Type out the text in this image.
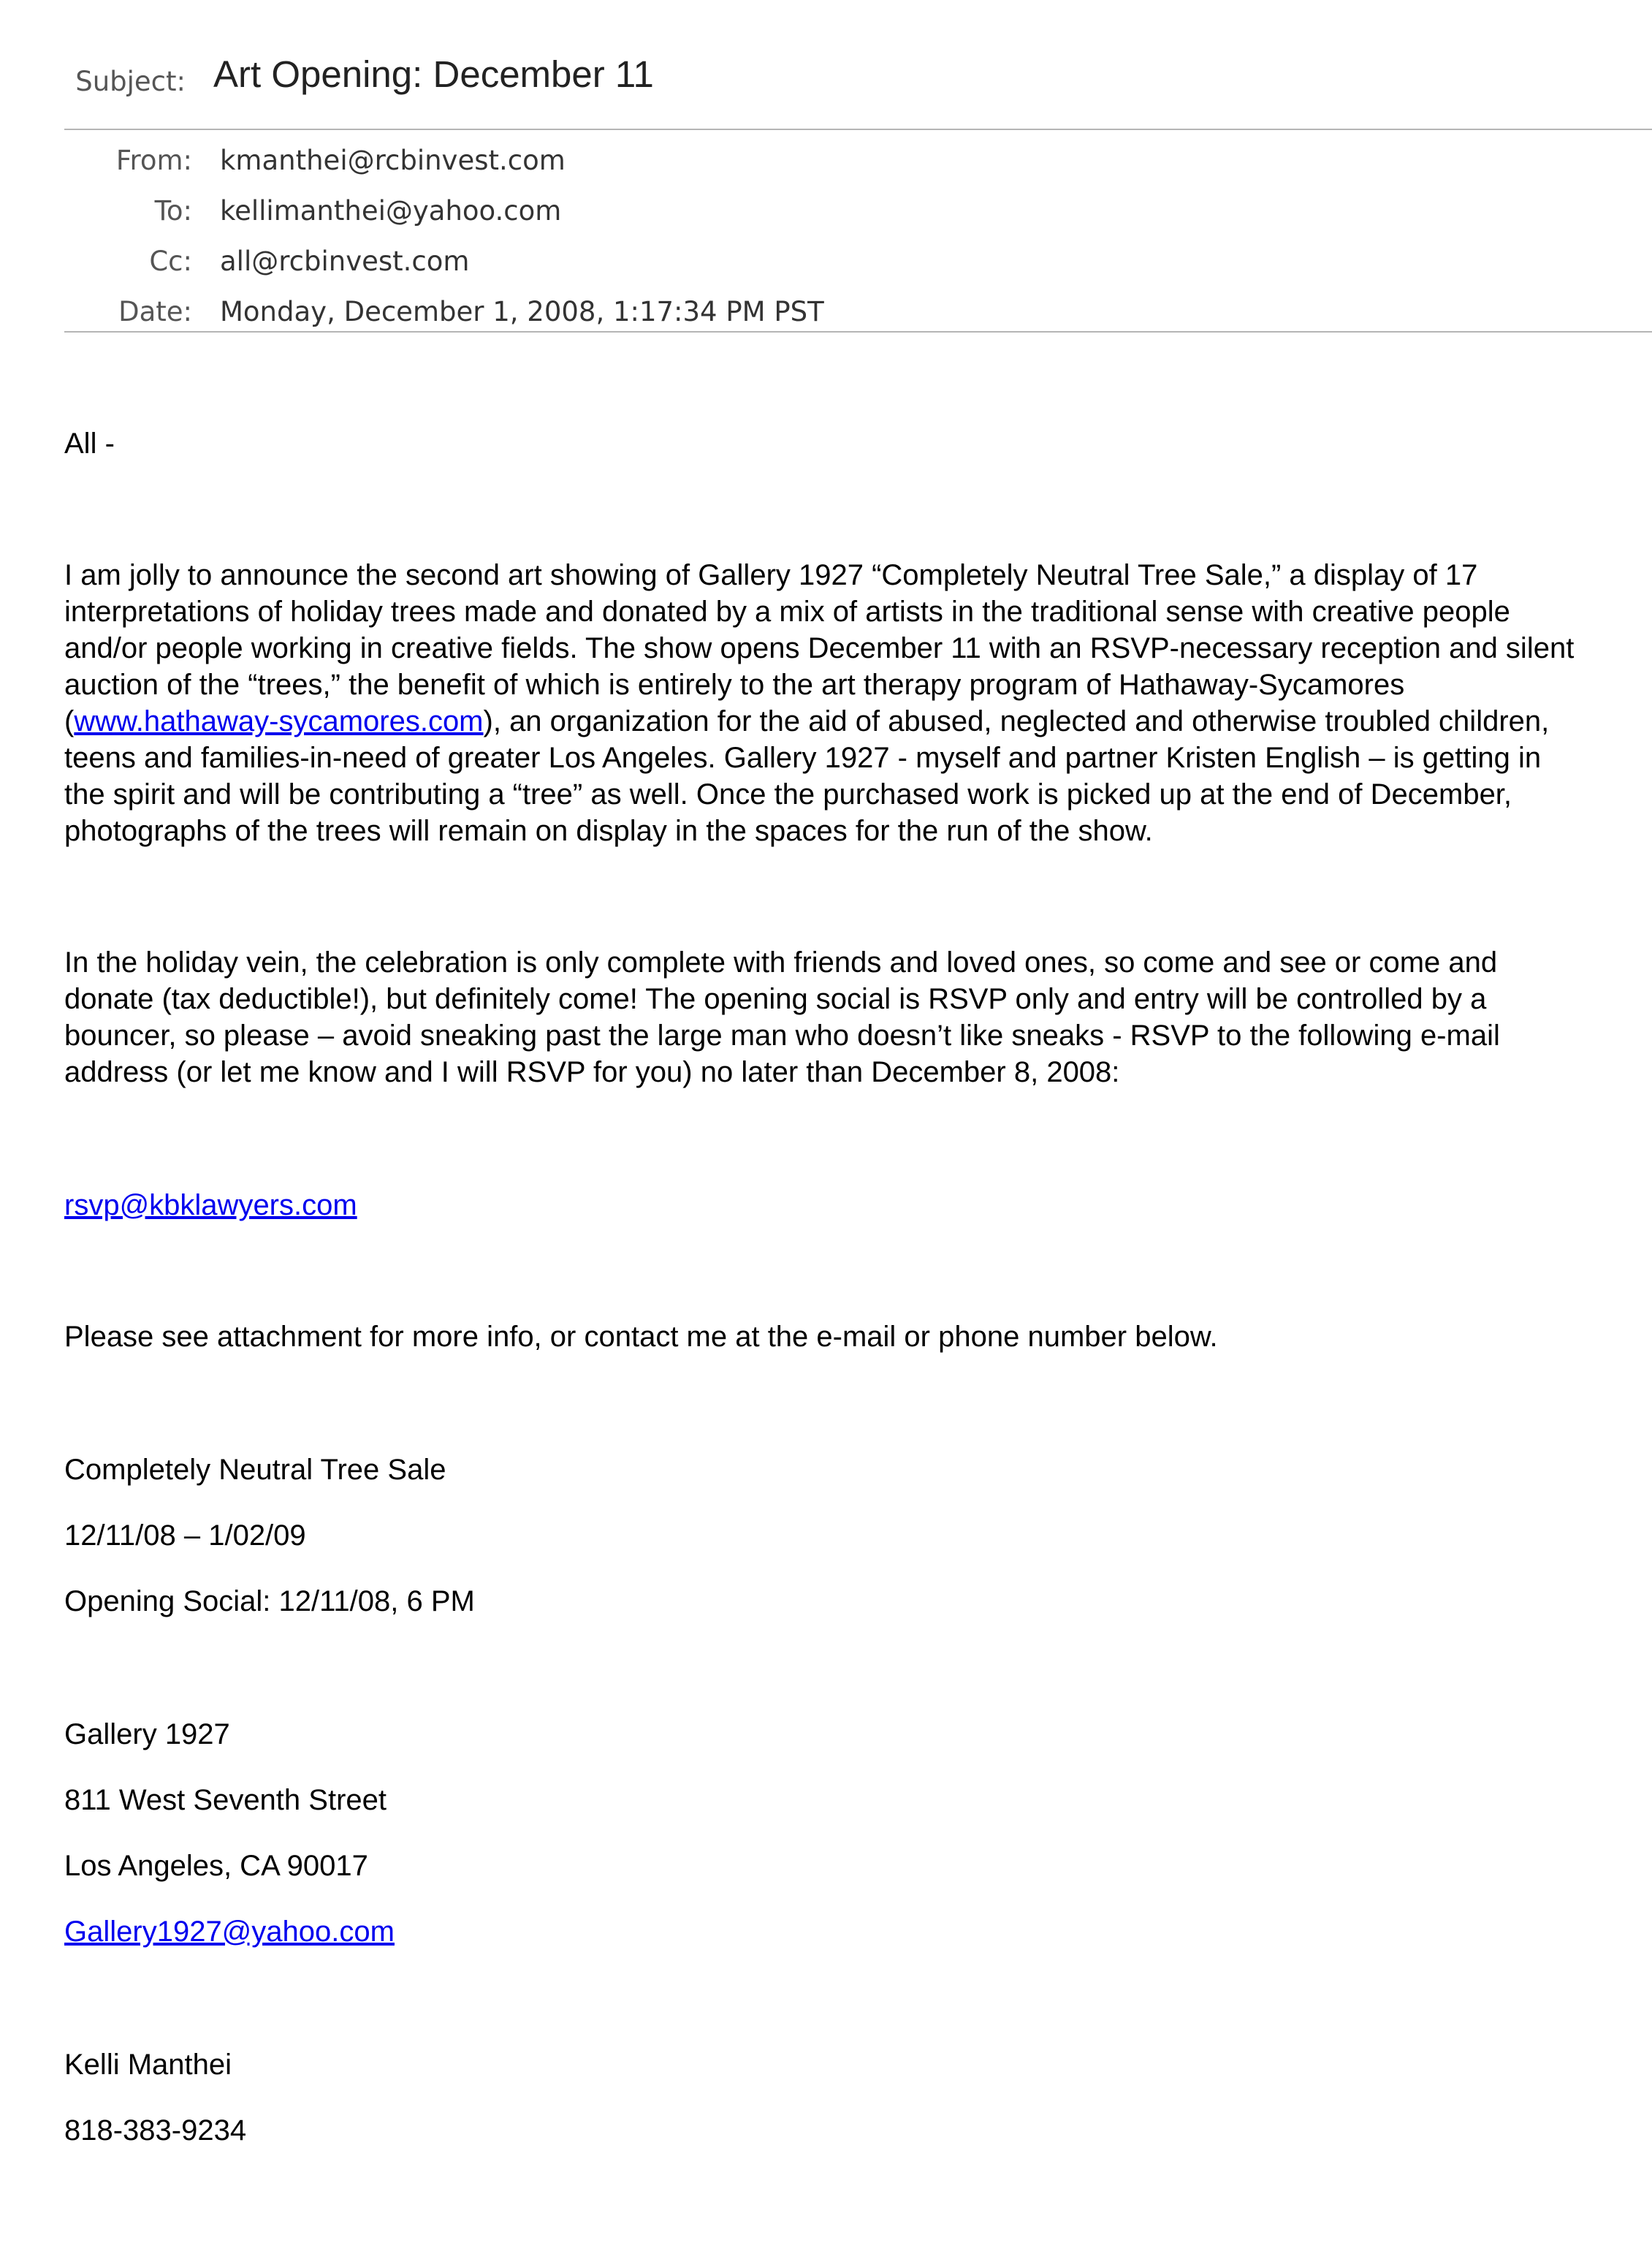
Subject: Art Opening: December 11
From: kmanthei@rcbinvest.com
To: kellimanthei@yahoo.com
Cc: all@rcbinvest.com
Date: Monday, December 1, 2008, 1:17:34 PM PST
All -
I am jolly to announce the second art showing of Gallery 1927 “Completely Neutral Tree Sale,” a display of 17
interpretations of holiday trees made and donated by a mix of artists in the traditional sense with creative people
and/or people working in creative fields. The show opens December 11 with an RSVP-necessary reception and silent
auction of the “trees,” the benefit of which is entirely to the art therapy program of Hathaway-Sycamores
(www.hathaway-sycamores.com), an organization for the aid of abused, neglected and otherwise troubled children,
teens and families-in-need of greater Los Angeles. Gallery 1927 - myself and partner Kristen English – is getting in
the spirit and will be contributing a “tree” as well. Once the purchased work is picked up at the end of December,
photographs of the trees will remain on display in the spaces for the run of the show.
In the holiday vein, the celebration is only complete with friends and loved ones, so come and see or come and
donate (tax deductible!), but definitely come! The opening social is RSVP only and entry will be controlled by a
bouncer, so please – avoid sneaking past the large man who doesn’t like sneaks - RSVP to the following e-mail
address (or let me know and I will RSVP for you) no later than December 8, 2008:
rsvp@kbklawyers.com
Please see attachment for more info, or contact me at the e-mail or phone number below.
Completely Neutral Tree Sale
12/11/08 – 1/02/09
Opening Social: 12/11/08, 6 PM
Gallery 1927
811 West Seventh Street
Los Angeles, CA 90017
Gallery1927@yahoo.com
Kelli Manthei
818-383-9234
